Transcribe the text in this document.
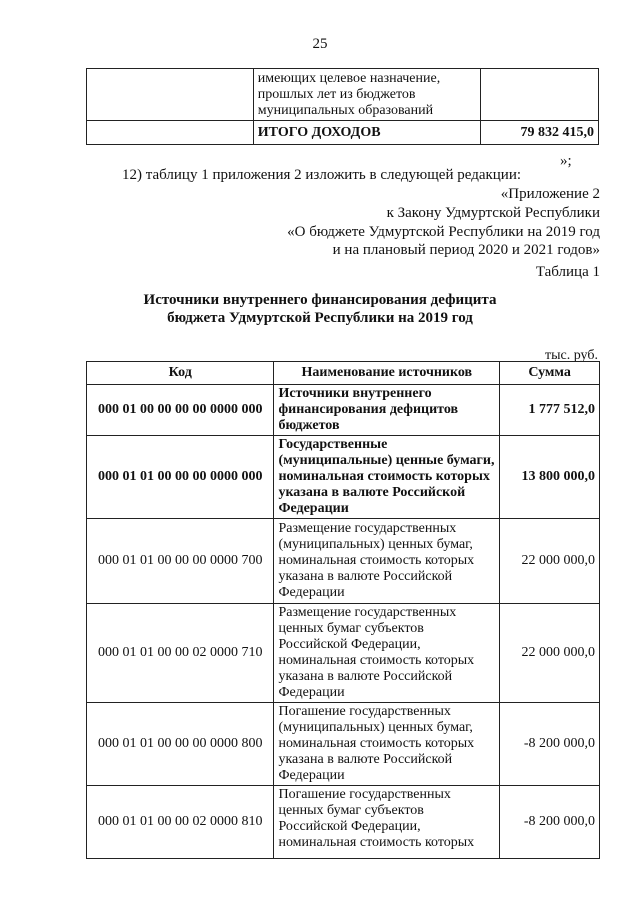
25
	имеющих целевое назначение, прошлых лет из бюджетов муниципальных образований	
	ИТОГО ДОХОДОВ	79 832 415,0
»;
12) таблицу 1 приложения 2 изложить в следующей редакции:
«Приложение 2
к Закону Удмуртской Республики
«О бюджете Удмуртской Республики на 2019 год
и на плановый период 2020 и 2021 годов»
Таблица 1
Источники внутреннего финансирования дефицита
бюджета Удмуртской Республики на 2019 год
тыс. руб.
Код	Наименование источников	Сумма
000 01 00 00 00 00 0000 000	Источники внутреннего финансирования дефицитов бюджетов	1 777 512,0
000 01 01 00 00 00 0000 000	Государственные (муниципальные) ценные бумаги, номинальная стоимость которых указана в валюте Российской Федерации	13 800 000,0
000 01 01 00 00 00 0000 700	Размещение государственных (муниципальных) ценных бумаг, номинальная стоимость которых указана в валюте Российской Федерации	22 000 000,0
000 01 01 00 00 02 0000 710	Размещение государственных ценных бумаг субъектов Российской Федерации, номинальная стоимость которых указана в валюте Российской Федерации	22 000 000,0
000 01 01 00 00 00 0000 800	Погашение государственных (муниципальных) ценных бумаг, номинальная стоимость которых указана в валюте Российской Федерации	-8 200 000,0
000 01 01 00 00 02 0000 810	Погашение государственных ценных бумаг субъектов Российской Федерации, номинальная стоимость которых	-8 200 000,0
